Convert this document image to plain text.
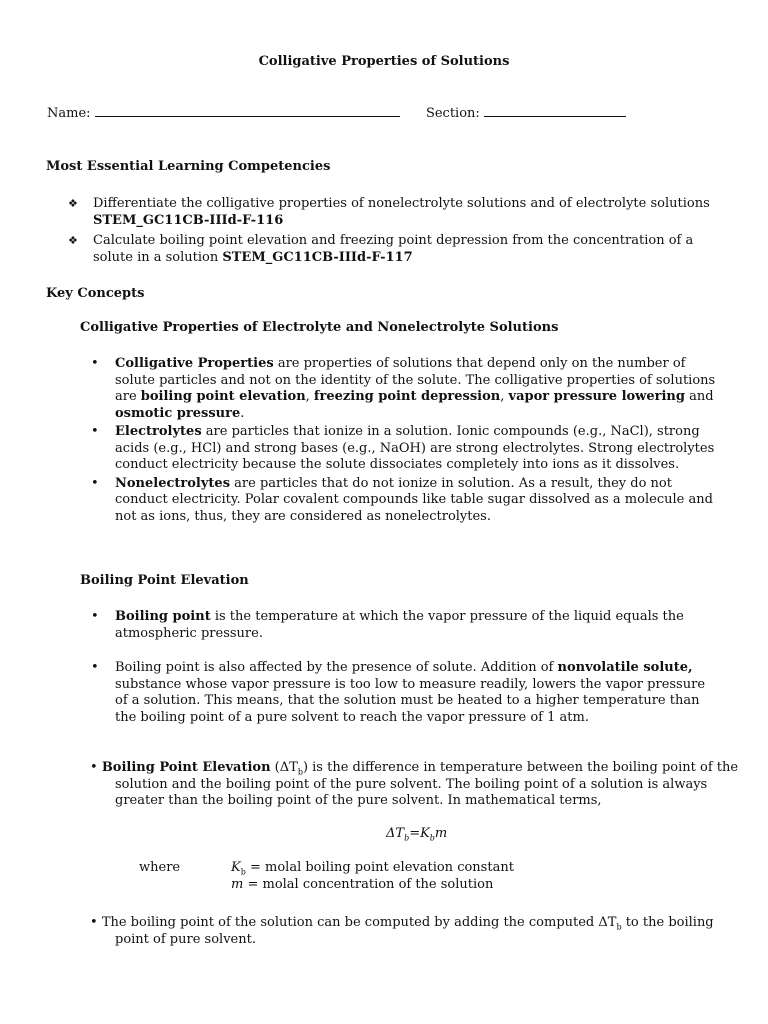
Colligative Properties of Solutions
Name:	Section:
Most Essential Learning Competencies
❖ Differentiate the colligative properties of nonelectrolyte solutions and of electrolyte solutions STEM_GC11CB-IIId-F-116
❖ Calculate boiling point elevation and freezing point depression from the concentration of a solute in a solution STEM_GC11CB-IIId-F-117
Key Concepts
Colligative Properties of Electrolyte and Nonelectrolyte Solutions
• Colligative Properties are properties of solutions that depend only on the number of solute particles and not on the identity of the solute. The colligative properties of solutions are boiling point elevation, freezing point depression, vapor pressure lowering and osmotic pressure.
• Electrolytes are particles that ionize in a solution. Ionic compounds (e.g., NaCl), strong acids (e.g., HCl) and strong bases (e.g., NaOH) are strong electrolytes. Strong electrolytes conduct electricity because the solute dissociates completely into ions as it dissolves.
• Nonelectrolytes are particles that do not ionize in solution. As a result, they do not conduct electricity. Polar covalent compounds like table sugar dissolved as a molecule and not as ions, thus, they are considered as nonelectrolytes.
Boiling Point Elevation
• Boiling point is the temperature at which the vapor pressure of the liquid equals the atmospheric pressure.
• Boiling point is also affected by the presence of solute. Addition of nonvolatile solute, substance whose vapor pressure is too low to measure readily, lowers the vapor pressure of a solution. This means, that the solution must be heated to a higher temperature than the boiling point of a pure solvent to reach the vapor pressure of 1 atm.
• Boiling Point Elevation $(\Delta T_b)$ is the difference in temperature between the boiling point of the solution and the boiling point of the pure solvent. The boiling point of a solution is always greater than the boiling point of the pure solvent. In mathematical terms,
$\Delta T_b=K_bm$
where	$K_b$ = molal boiling point elevation constant
m = molal concentration of the solution
• The boiling point of the solution can be computed by adding the computed $\Delta T_b$ to the boiling point of pure solvent.
